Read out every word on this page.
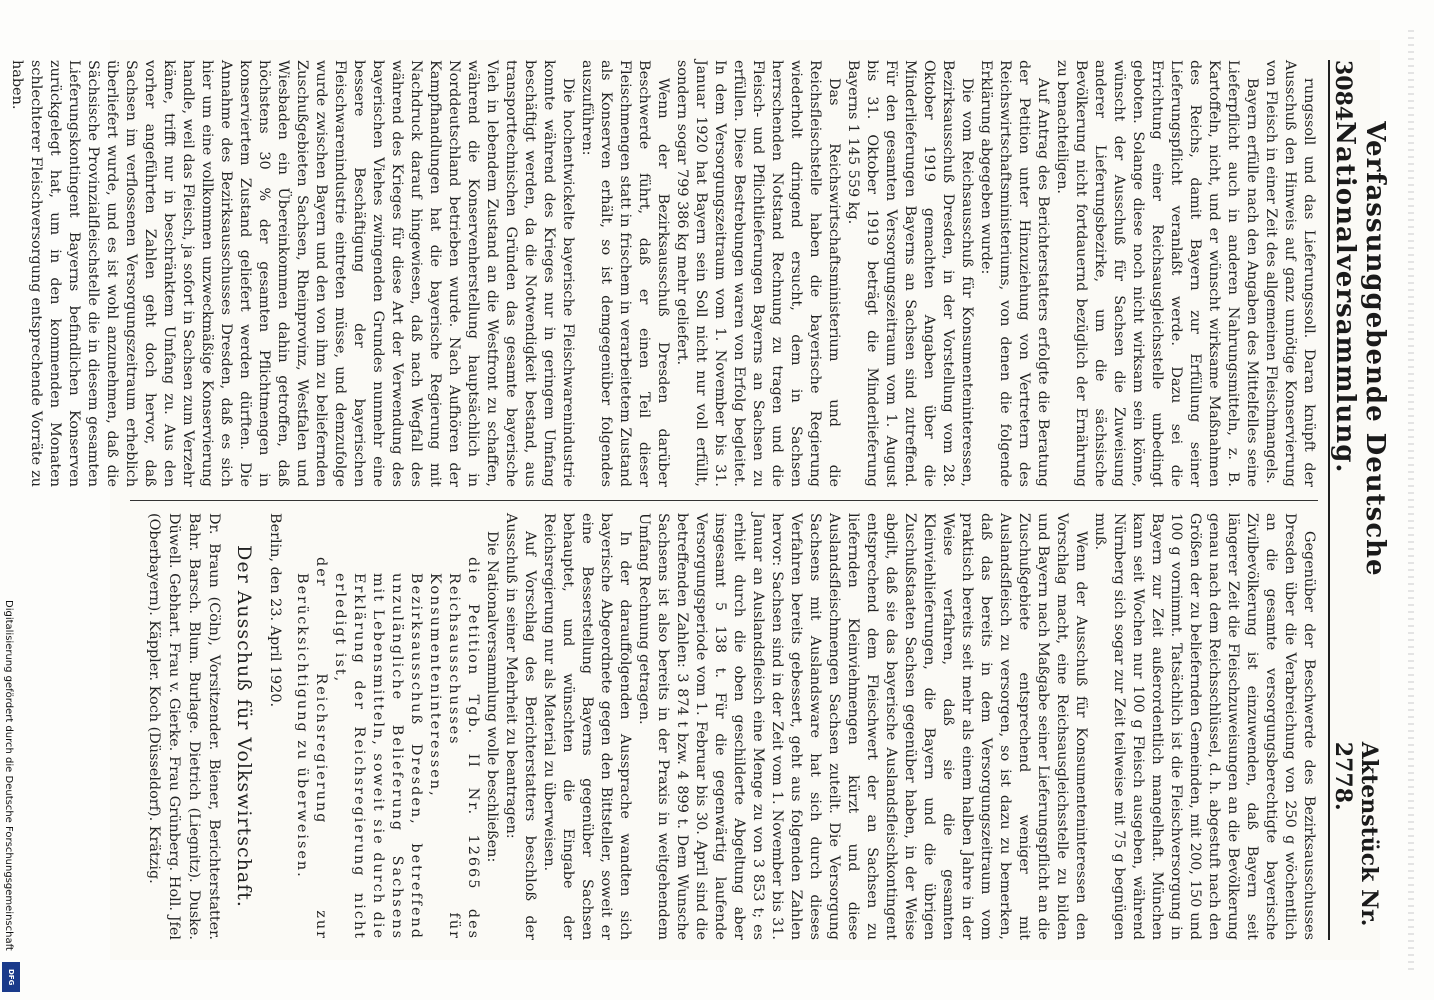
Digitalisierung gefördert durch die Deutsche Forschungsgemeinschaft
DFG
3084
Verfassunggebende Deutsche Nationalversammlung.
Aktenstück Nr. 2778.

rungssoll und das Lieferungssoll. Daran knüpft der Ausschuß den Hinweis auf ganz unnötige Konservierung von Fleisch in einer Zeit des allgemeinen Fleischmangels.

Bayern erfülle nach den Angaben des Mittelfelles seine Lieferpflicht auch in anderen Nahrungsmitteln, z. B. Kartoffeln, nicht, und er wünscht wirksame Maßnahmen des Reichs, damit Bayern zur Erfüllung seiner Lieferungspflicht veranlaßt werde. Dazu sei die Errichtung einer Reichsausgleichsstelle unbedingt geboten. Solange diese noch nicht wirksam sein könne, wünscht der Ausschuß für Sachsen die Zuweisung anderer Lieferungsbezirke, um die sächsische Bevölkerung nicht fortdauernd bezüglich der Ernährung zu benachteiligen.

Auf Antrag des Berichterstatters erfolgte die Beratung der Petition unter Hinzuziehung von Vertretern des Reichswirtschaftsministeriums, von denen die folgende Erklärung abgegeben wurde:

Die vom Reichsausschuß für Konsumenteninteressen, Bezirksausschuß Dresden, in der Vorstellung vom 28. Oktober 1919 gemachten Angaben über die Minderlieferungen Bayerns an Sachsen sind zutreffend. Für den gesamten Versorgungszeitraum vom 1. August bis 31. Oktober 1919 beträgt die Minderlieferung Bayerns 1 145 559 kg.

Das Reichswirtschaftsministerium und die Reichsfleischstelle haben die bayerische Regierung wiederholt dringend ersucht, dem in Sachsen herrschenden Notstand Rechnung zu tragen und die Fleisch- und Pflichtlieferungen Bayerns an Sachsen zu erfüllen. Diese Bestrebungen waren von Erfolg begleitet. In dem Versorgungszeitraum vom 1. November bis 31. Januar 1920 hat Bayern sein Soll nicht nur voll erfüllt, sondern sogar 799 386 kg mehr geliefert.

Wenn der Bezirksausschuß Dresden darüber Beschwerde führt, daß er einen Teil dieser Fleischmengen statt in frischem in verarbeitetem Zustand als Konserven erhält, so ist demgegenüber folgendes auszuführen:

Die hochentwickelte bayerische Fleischwarenindustrie konnte während des Krieges nur in geringem Umfang beschäftigt werden, da die Notwendigkeit bestand, aus transporttechnischen Gründen das gesamte bayerische Vieh in lebendem Zustand an die Westfront zu schaffen, während die Konservenherstellung hauptsächlich in Norddeutschland betrieben wurde. Nach Aufhören der Kampfhandlungen hat die bayerische Regierung mit Nachdruck darauf hingewiesen, daß nach Wegfall des während des Krieges für diese Art der Verwendung des bayerischen Viehes zwingenden Grundes nunmehr eine bessere Beschäftigung der bayerischen Fleischwarenindustrie eintreten müsse, und demzufolge wurde zwischen Bayern und den von ihm zu beliefernden Zuschußgebieten Sachsen, Rheinprovinz, Westfalen und Wiesbaden ein Übereinkommen dahin getroffen, daß höchstens 30 % der gesamten Pflichtmengen in konserviertem Zustand geliefert werden dürften. Die Annahme des Bezirksausschusses Dresden, daß es sich hier um eine vollkommen unzweckmäßige Konservierung handle, weil das Fleisch, ja sofort in Sachsen zum Verzehr käme, trifft nur in beschränktem Umfang zu. Aus den vorher angeführten Zahlen geht doch hervor, daß Sachsen im verflossenen Versorgungszeitraum erheblich überliefert wurde, und es ist wohl anzunehmen, daß die Sächsische Provinzialfleischstelle die in diesem gesamten Lieferungskontingent Bayerns befindlichen Konserven zurückgelegt hat, um in den kommenden Monaten schlechterer Fleischversorgung entsprechende Vorräte zu haben.

Gegenüber der Beschwerde des Bezirksausschusses Dresden über die Verabreichung von 250 g wöchentlich an die gesamte versorgungsberechtigte bayerische Zivilbevölkerung ist einzuwenden, daß Bayern seit längerer Zeit die Fleischzuweisungen an die Bevölkerung genau nach dem Reichsschlüssel, d. h. abgestuft nach den Größen der zu beliefernden Gemeinden, mit 200, 150 und 100 g vornimmt. Tatsächlich ist die Fleischversorgung in Bayern zur Zeit außerordentlich mangelhaft. München kann seit Wochen nur 100 g Fleisch ausgeben, während Nürnberg sich sogar zur Zeit teilweise mit 75 g begnügen muß.

Wenn der Ausschuß für Konsumenteninteressen den Vorschlag macht, eine Reichsausgleichsstelle zu bilden und Bayern nach Maßgabe seiner Lieferungspflicht an die Zuschußgebiete entsprechend weniger mit Auslandsfleisch zu versorgen, so ist dazu zu bemerken, daß das bereits in dem Versorgungszeitraum vom praktisch bereits seit mehr als einem halben Jahre in der Weise verfahren, daß sie die gesamten Kleinviehlieferungen, die Bayern und die übrigen Zuschußstaaten Sachsen gegenüber haben, in der Weise abgilt, daß sie das bayerische Auslandsfleischkontingent entsprechend dem Fleischwert der an Sachsen zu liefernden Kleinviehmengen kürzt und diese Auslandsfleischmengen Sachsen zuteilt. Die Versorgung Sachsens mit Auslandsware hat sich durch dieses Verfahren bereits gebessert, geht aus folgenden Zahlen hervor: Sachsen sind in der Zeit vom 1. November bis 31. Januar an Auslandsfleisch eine Menge zu von 3 853 t; es erhielt durch die oben geschilderte Abgeltung aber insgesamt 5 138 t. Für die gegenwärtig laufende Versorgungsperiode vom 1. Februar bis 30. April sind die betreffenden Zahlen: 3 874 t bzw. 4 899 t. Dem Wunsche Sachsens ist also bereits in der Praxis in weitgehendem Umfang Rechnung getragen.

In der darauffolgenden Aussprache wandten sich bayerische Abgeordnete gegen den Bittsteller, soweit er eine Besserstellung Bayerns gegenüber Sachsen behauptet, und wünschten die Eingabe der Reichsregierung nur als Material zu überweisen.

Auf Vorschlag des Berichterstatters beschloß der Ausschuß in seiner Mehrheit zu beantragen:

Die Nationalversammlung wolle beschließen:

die Petition Tgb. II Nr. 12665 des Reichsausschusses für Konsumenteninteressen, Bezirksausschuß Dresden, betreffend unzulängliche Belieferung Sachsens mit Lebensmitteln, soweit sie durch die Erklärung der Reichsregierung nicht erledigt ist,

der Reichsregierung zur Berücksichtigung zu überweisen.

Berlin, den 23. April 1920.

Der Ausschuß für Volkswirtschaft.

Dr. Braun (Cöln), Vorsitzender. Biener, Berichterstatter. Bahr. Barsch. Blum. Burlage. Dietrich (Liegnitz). Duske. Düwell. Gebhart. Frau v. Gierke. Frau Grünberg. Holl. Jfel (Oberbayern). Käppler. Koch (Düsseldorf). Krätzig.
